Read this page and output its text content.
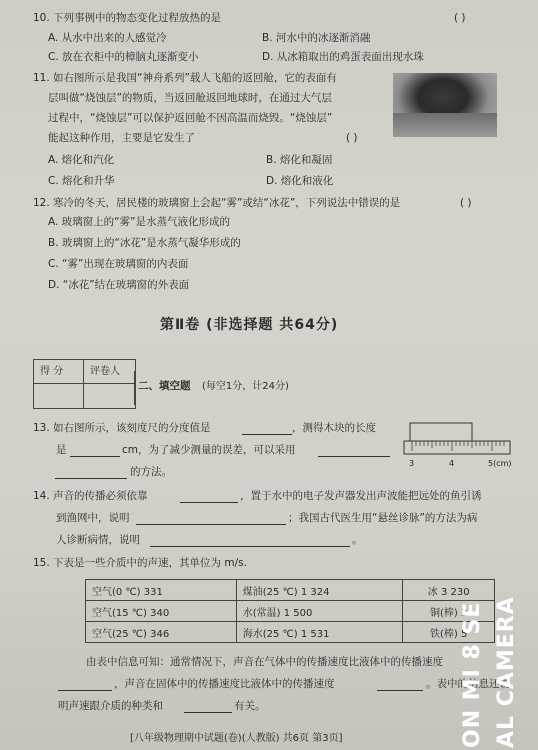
10. 下列事例中的物态变化过程放热的是	( )
A. 从水中出来的人感觉冷	B. 河水中的冰逐渐消融
C. 放在衣柜中的樟脑丸逐渐变小	D. 从冰箱取出的鸡蛋表面出现水珠
11. 如右图所示是我国“神舟系列”载人飞船的返回舱，它的表面有
层叫做“烧蚀层”的物质，当返回舱返回地球时，在通过大气层
过程中，“烧蚀层”可以保护返回舱不因高温而烧毁。“烧蚀层”
能起这种作用，主要是它发生了	( )
A. 熔化和汽化	B. 熔化和凝固
C. 熔化和升华	D. 熔化和液化
12. 寒冷的冬天，居民楼的玻璃窗上会起“雾”或结“冰花”，下列说法中错误的是	( )
A. 玻璃窗上的“雾”是水蒸气液化形成的
B. 玻璃窗上的“冰花”是水蒸气凝华形成的
C. “雾”出现在玻璃窗的内表面
D. “冰花”结在玻璃窗的外表面
第Ⅱ卷 (非选择题 共64分)
得 分	评卷人
二、填空题 (每空1分，计24分)
13. 如右图所示，该刻度尺的分度值是	，测得木块的长度
是	cm，为了减少测量的误差，可以采用
的方法。
3	4	5(cm)
14. 声音的传播必须依靠	，置于水中的电子发声器发出声波能把远处的鱼引诱
到渔网中，说明	；我国古代医生用“悬丝诊脉”的方法为病
人诊断病情，说明	。
15. 下表是一些介质中的声速，其单位为 m/s.
空气(0 ℃) 331	煤油(25 ℃) 1 324	冰 3 230
空气(15 ℃) 340	水(常温) 1 500	铜(棒) 3
空气(25 ℃) 346	海水(25 ℃) 1 531	铁(棒) 5
由表中信息可知：通常情况下，声音在气体中的传播速度比液体中的传播速度
，声音在固体中的传播速度比液体中的传播速度	。表中的信息还说
明声速跟介质的种类和	有关。
[八年级物理期中试题(卷)(人教版) 共6页 第3页]	ON MI 8 SE AL CAMERA
